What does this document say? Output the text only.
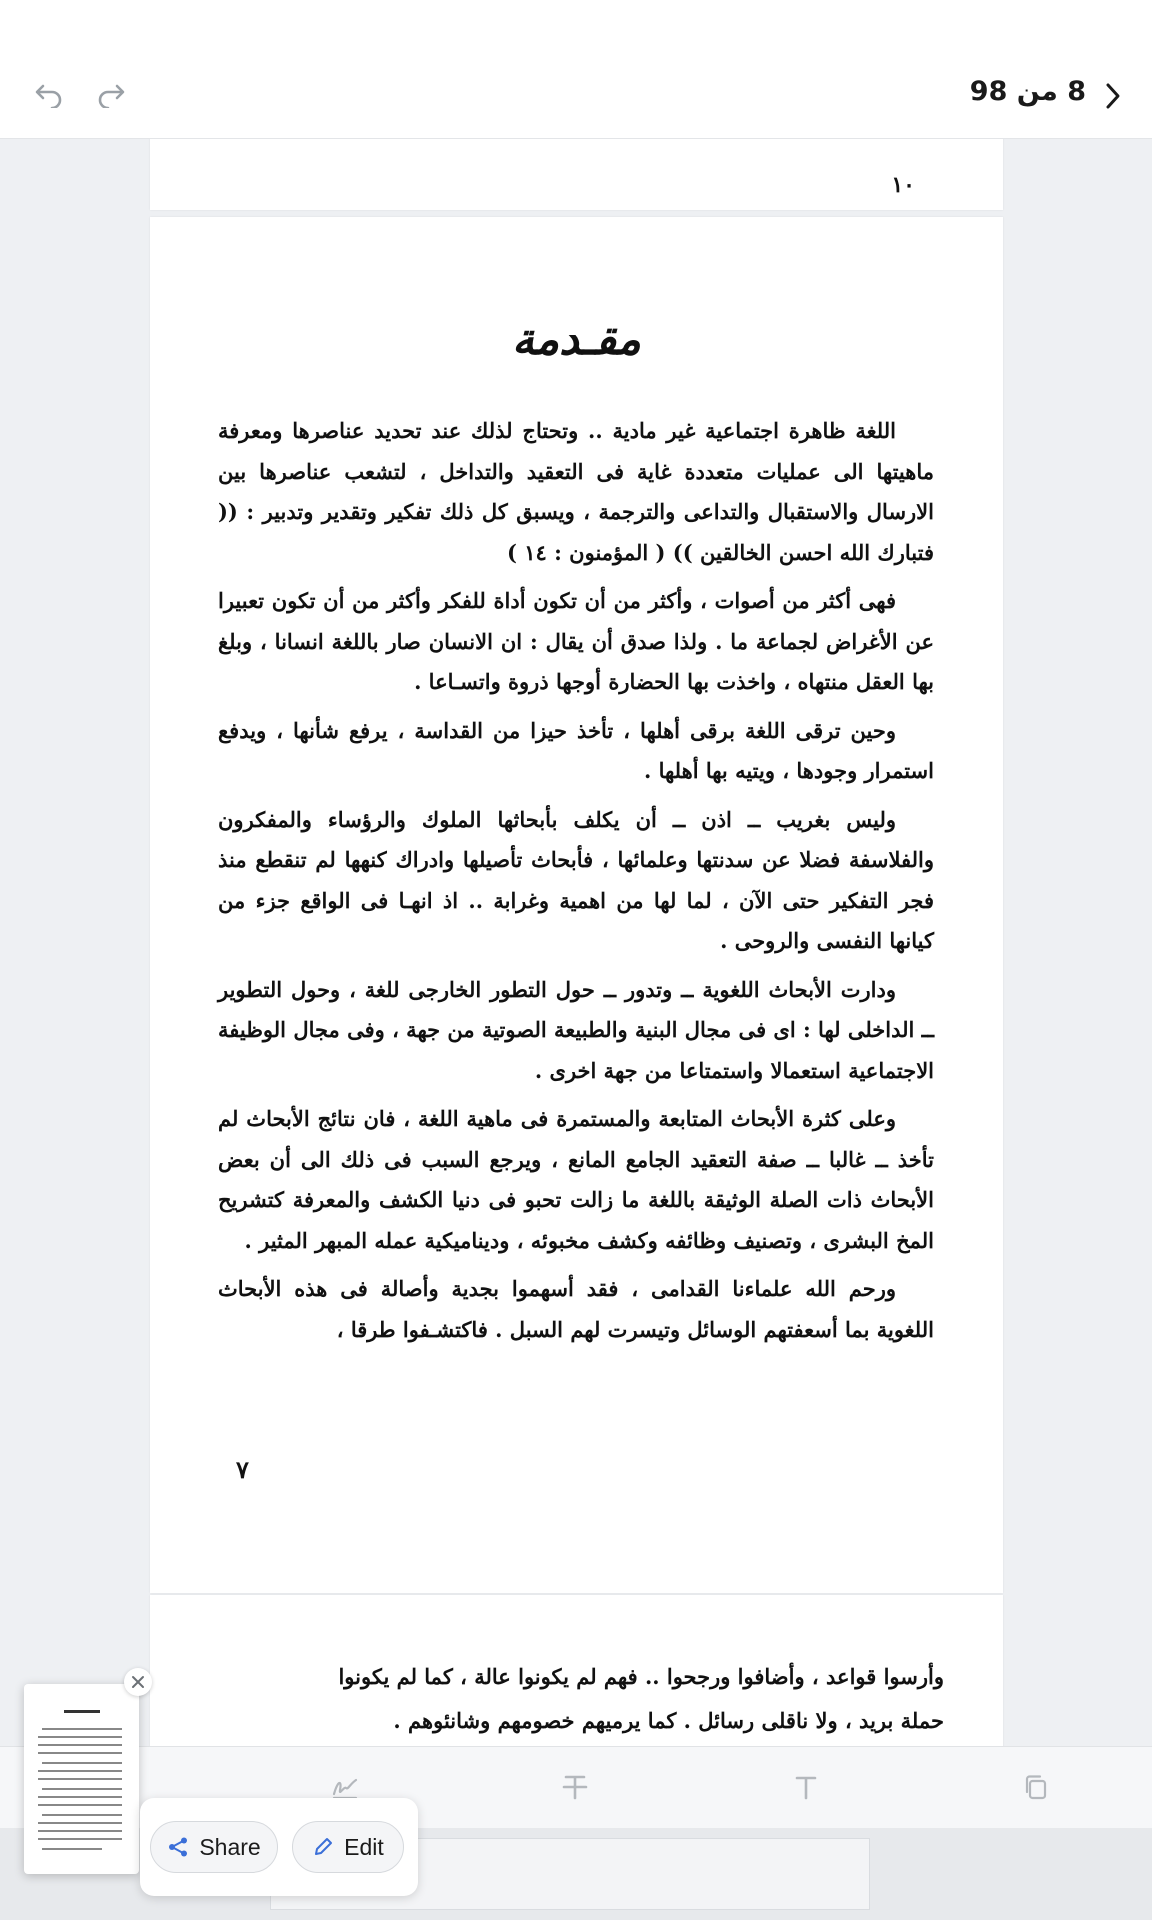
8 من 98
١٠
مقـدمة

اللغة ظاهرة اجتماعية غير مادية .. وتحتاج لذلك عند تحديد عناصرها ومعرفة ماهيتها الى عمليات متعددة غاية فى التعقيد والتداخل ، لتشعب عناصرها بين الارسال والاستقبال والتداعى والترجمة ، ويسبق كل ذلك تفكير وتقدير وتدبير : (( فتبارك الله احسن الخالقين )) ( المؤمنون : ١٤ )

فهى أكثر من أصوات ، وأكثر من أن تكون أداة للفكر وأكثر من أن تكون تعبيرا عن الأغراض لجماعة ما . ولذا صدق أن يقال : ان الانسان صار باللغة انسانا ، وبلغ بها العقل منتهاه ، واخذت بها الحضارة أوجها ذروة واتسـاعا .

وحين ترقى اللغة برقى أهلها ، تأخذ حيزا من القداسة ، يرفع شأنها ، ويدفع استمرار وجودها ، ويتيه بها أهلها .

وليس بغريب ــ اذن ــ أن يكلف بأبحاثها الملوك والرؤساء والمفكرون والفلاسفة فضلا عن سدنتها وعلمائها ، فأبحاث تأصيلها وادراك كنهها لم تنقطع منذ فجر التفكير حتى الآن ، لما لها من اهمية وغرابة .. اذ انهـا فى الواقع جزء من كيانها النفسى والروحى .

ودارت الأبحاث اللغوية ــ وتدور ــ حول التطور الخارجى للغة ، وحول التطوير ــ الداخلى لها : اى فى مجال البنية والطبيعة الصوتية من جهة ، وفى مجال الوظيفة الاجتماعية استعمالا واستمتاعا من جهة اخرى .

وعلى كثرة الأبحاث المتابعة والمستمرة فى ماهية اللغة ، فان نتائج الأبحاث لم تأخذ ــ غالبا ــ صفة التعقيد الجامع المانع ، ويرجع السبب فى ذلك الى أن بعض الأبحاث ذات الصلة الوثيقة باللغة ما زالت تحبو فى دنيا الكشف والمعرفة كتشريح المخ البشرى ، وتصنيف وظائفه وكشف مخبوئه ، وديناميكية عمله المبهر المثير .

ورحم الله علماءنا القدامى ، فقد أسهموا بجدية وأصالة فى هذه الأبحاث اللغوية بما أسعفتهم الوسائل وتيسرت لهم السبل . فاكتشـفوا طرقا ،

٧

وأرسوا قواعد ، وأضافوا ورجحوا .. فهم لم يكونوا عالة ، كما لم يكونوا

حملة بريد ، ولا ناقلى رسائل . كما يرميهم خصومهم وشانئوهم .

Share	Edit
